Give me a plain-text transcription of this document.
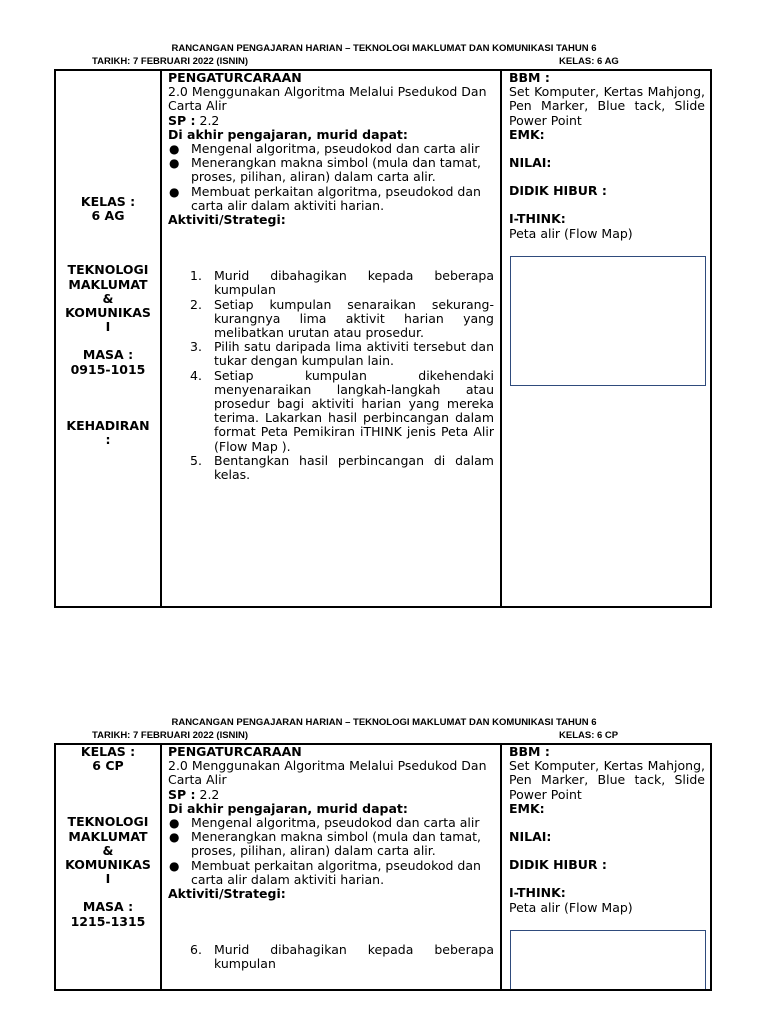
RANCANGAN PENGAJARAN HARIAN – TEKNOLOGI MAKLUMAT DAN KOMUNIKASI TAHUN 6
TARIKH: 7 FEBRUARI 2022 (ISNIN)	KELAS: 6 AG
KELAS :
6 AG
TEKNOLOGI
MAKLUMAT
&
KOMUNIKAS
I
MASA :
0915-1015
KEHADIRAN
:
PENGATURCARAAN
2.0 Menggunakan Algoritma Melalui Psedukod Dan Carta Alir
SP : 2.2
Di akhir pengajaran, murid dapat:
● Mengenal algoritma, pseudokod dan carta alir
● Menerangkan makna simbol (mula dan tamat, proses, pilihan, aliran) dalam carta alir.
● Membuat perkaitan algoritma, pseudokod dan carta alir dalam aktiviti harian.
Aktiviti/Strategi:
1. Murid dibahagikan kepada beberapa kumpulan
2. Setiap kumpulan senaraikan sekurang-kurangnya lima aktivit harian yang melibatkan urutan atau prosedur.
3. Pilih satu daripada lima aktiviti tersebut dan tukar dengan kumpulan lain.
4. Setiap kumpulan dikehendaki menyenaraikan langkah-langkah atau prosedur bagi aktiviti harian yang mereka terima. Lakarkan hasil perbincangan dalam format Peta Pemikiran iTHINK jenis Peta Alir (Flow Map ).
5. Bentangkan hasil perbincangan di dalam kelas.
BBM :
Set Komputer, Kertas Mahjong, Pen Marker, Blue tack, Slide Power Point
EMK:
NILAI:
DIDIK HIBUR :
I-THINK:
Peta alir (Flow Map)
RANCANGAN PENGAJARAN HARIAN – TEKNOLOGI MAKLUMAT DAN KOMUNIKASI TAHUN 6
TARIKH: 7 FEBRUARI 2022 (ISNIN)	KELAS: 6 CP
KELAS :
6 CP
TEKNOLOGI
MAKLUMAT
&
KOMUNIKAS
I
MASA :
1215-1315
PENGATURCARAAN
2.0 Menggunakan Algoritma Melalui Psedukod Dan Carta Alir
SP : 2.2
Di akhir pengajaran, murid dapat:
● Mengenal algoritma, pseudokod dan carta alir
● Menerangkan makna simbol (mula dan tamat, proses, pilihan, aliran) dalam carta alir.
● Membuat perkaitan algoritma, pseudokod dan carta alir dalam aktiviti harian.
Aktiviti/Strategi:
6. Murid dibahagikan kepada beberapa kumpulan
BBM :
Set Komputer, Kertas Mahjong, Pen Marker, Blue tack, Slide Power Point
EMK:
NILAI:
DIDIK HIBUR :
I-THINK:
Peta alir (Flow Map)
